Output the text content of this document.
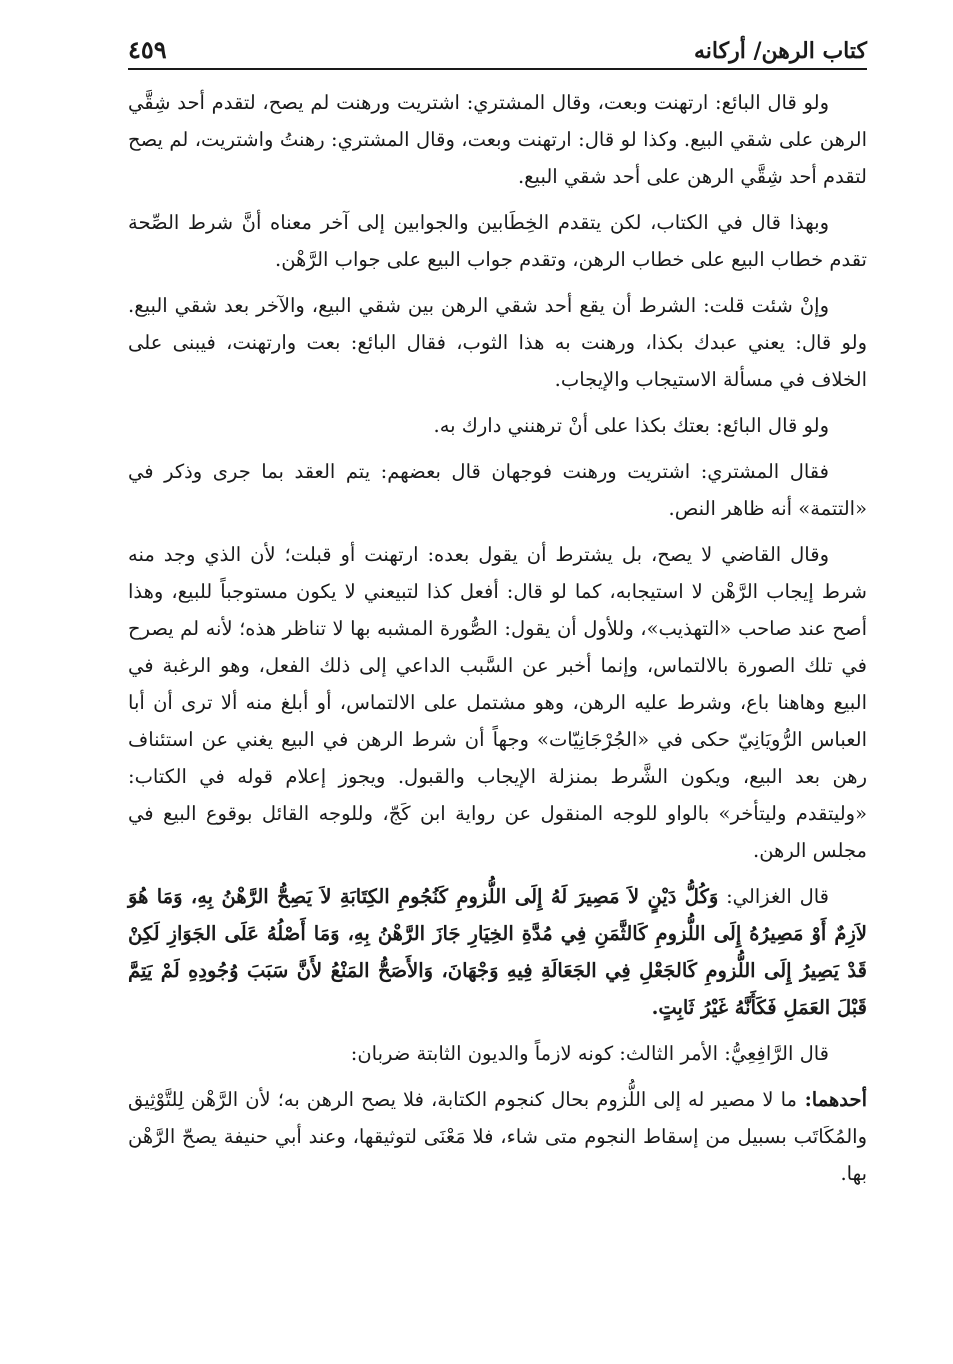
كتاب الرهن/ أركانه
٤٥٩

ولو قال البائع: ارتهنت وبعت، وقال المشتري: اشتريت ورهنت لم يصح، لتقدم أحد شِقَّي الرهن على شقي البيع. وكذا لو قال: ارتهنت وبعت، وقال المشتري: رهنتُ واشتريت، لم يصح لتقدم أحد شِقَّي الرهن على أحد شقي البيع.

وبهذا قال في الكتاب، لكن يتقدم الخِطَابين والجوابين إلى آخر معناه أنَّ شرط الصِّحة تقدم خطاب البيع على خطاب الرهن، وتقدم جواب البيع على جواب الرَّهْن.

وإنْ شئت قلت: الشرط أن يقع أحد شقي الرهن بين شقي البيع، والآخر بعد شقي البيع. ولو قال: يعني عبدك بكذا، ورهنت به هذا الثوب، فقال البائع: بعت وارتهنت، فيبنى على الخلاف في مسألة الاستيجاب والإيجاب.

ولو قال البائع: بعتك بكذا على أنْ ترهنني دارك به.

فقال المشتري: اشتريت ورهنت فوجهان قال بعضهم: يتم العقد بما جرى وذكر في «التتمة» أنه ظاهر النص.

وقال القاضي لا يصح، بل يشترط أن يقول بعده: ارتهنت أو قبلت؛ لأن الذي وجد منه شرط إيجاب الرَّهْن لا استيجابه، كما لو قال: أفعل كذا لتبيعني لا يكون مستوجباً للبيع، وهذا أصح عند صاحب «التهذيب»، وللأول أن يقول: الصُّورة المشبه بها لا تناظر هذه؛ لأنه لم يصرح في تلك الصورة بالالتماس، وإنما أخبر عن السَّبب الداعي إلى ذلك الفعل، وهو الرغبة في البيع وهاهنا باع، وشرط عليه الرهن، وهو مشتمل على الالتماس، أو أبلغ منه ألا ترى أن أبا العباس الرُّويَانِيّ حكى في «الجُرْجَانِيّات» وجهاً أن شرط الرهن في البيع يغني عن استئناف رهن بعد البيع، ويكون الشَّرط بمنزلة الإيجاب والقبول. ويجوز إعلام قوله في الكتاب: «وليتقدم وليتأخر» بالواو للوجه المنقول عن رواية ابن كَجّ، وللوجه القائل بوقوع البيع في مجلس الرهن.

قال الغزالي: وَكُلُّ دَيْنٍ لاَ مَصِيرَ لَهُ إِلَى اللُّزومِ كَنُجُومِ الكِتَابَةِ لاَ يَصِحُّ الرَّهْنُ بِهِ، وَمَا هُوَ لاَزِمٌ أَوْ مَصِيرُهُ إِلَى اللُّزومِ كَالثَّمَنِ فِي مُدَّةِ الخِيَارِ جَازَ الرَّهْنُ بِهِ، وَمَا أَصْلُهُ عَلَى الجَوَازِ لَكِنْ قَدْ يَصِيرُ إِلَى اللُّزومِ كَالجَعْلِ فِي الجَعَالَةِ فِيهِ وَجْهَانَ، وَالأَصَحُّ المَنْعُ لأَنَّ سَبَبَ وُجُودِهِ لَمْ يَتِمَّ قَبْلَ العَمَلِ فَكَأَنَّهُ غَيْرُ ثَابِتٍ.

قال الرَّافِعِيُّ: الأمر الثالث: كونه لازماً والديون الثابتة ضربان:

أحدهما: ما لا مصير له إلى اللُّزوم بحال كنجوم الكتابة، فلا يصح الرهن به؛ لأن الرَّهْن لِلتَّوْثِيق والمُكَاتَب بسبيل من إسقاط النجوم متى شاء، فلا مَعْنَى لتوثيقها، وعند أبي حنيفة يصحّ الرَّهْن بها.
